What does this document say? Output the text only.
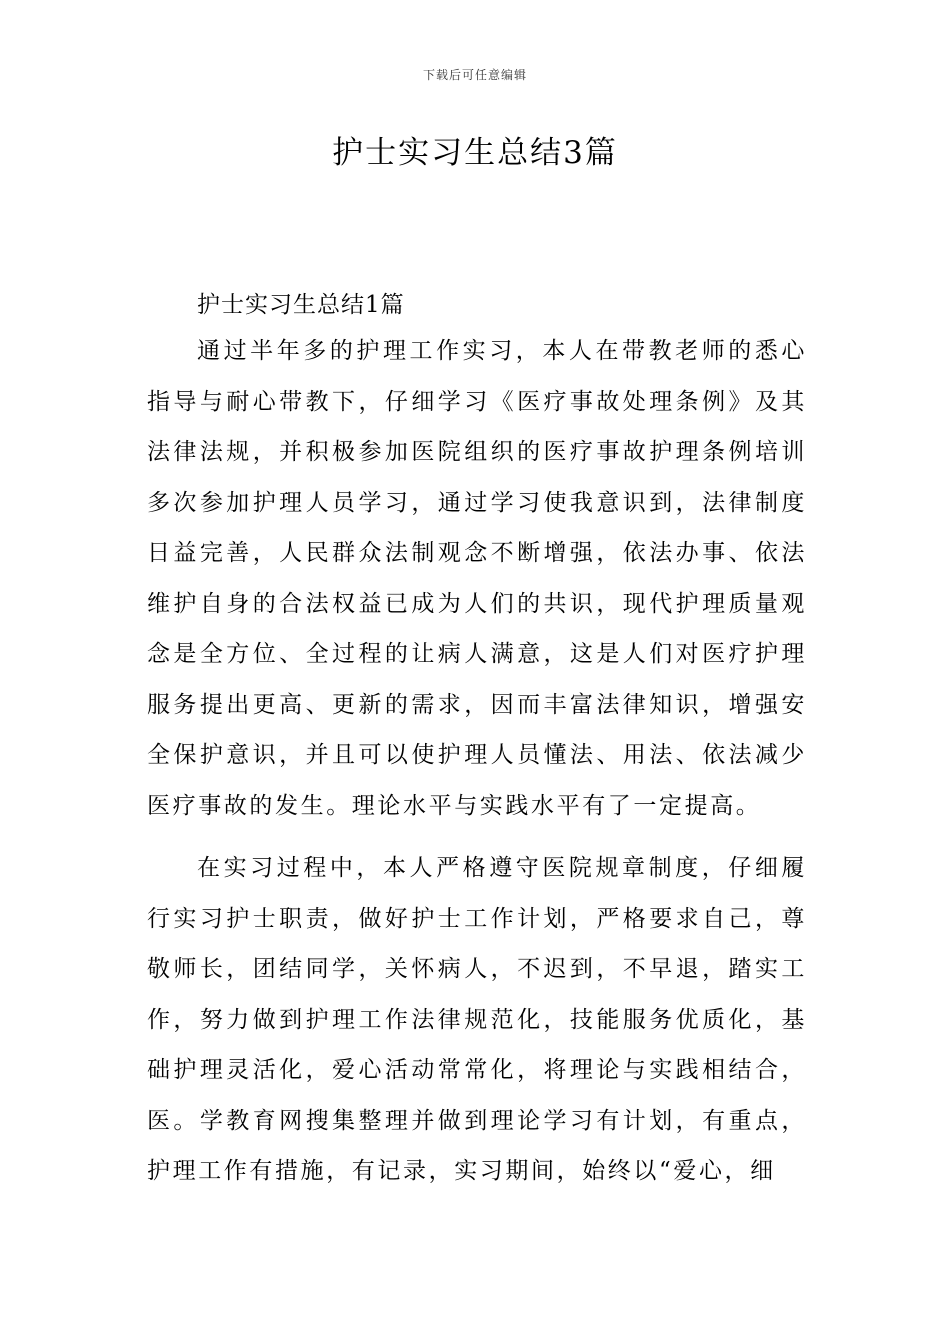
下载后可任意编辑
护士实习生总结3篇
护士实习生总结1篇
通过半年多的护理工作实习，本人在带教老师的悉心指导与耐心带教下，仔细学习《医疗事故处理条例》及其法律法规，并积极参加医院组织的医疗事故护理条例培训多次参加护理人员学习，通过学习使我意识到，法律制度日益完善，人民群众法制观念不断增强，依法办事、依法维护自身的合法权益已成为人们的共识，现代护理质量观念是全方位、全过程的让病人满意，这是人们对医疗护理服务提出更高、更新的需求，因而丰富法律知识，增强安全保护意识，并且可以使护理人员懂法、用法、依法减少医疗事故的发生。理论水平与实践水平有了一定提高。
在实习过程中，本人严格遵守医院规章制度，仔细履行实习护士职责，做好护士工作计划，严格要求自己，尊敬师长，团结同学，关怀病人，不迟到，不早退，踏实工作，努力做到护理工作法律规范化，技能服务优质化，基础护理灵活化，爱心活动常常化，将理论与实践相结合，医。学教育网搜集整理并做到理论学习有计划，有重点，护理工作有措施，有记录，实习期间，始终以“爱心，细
